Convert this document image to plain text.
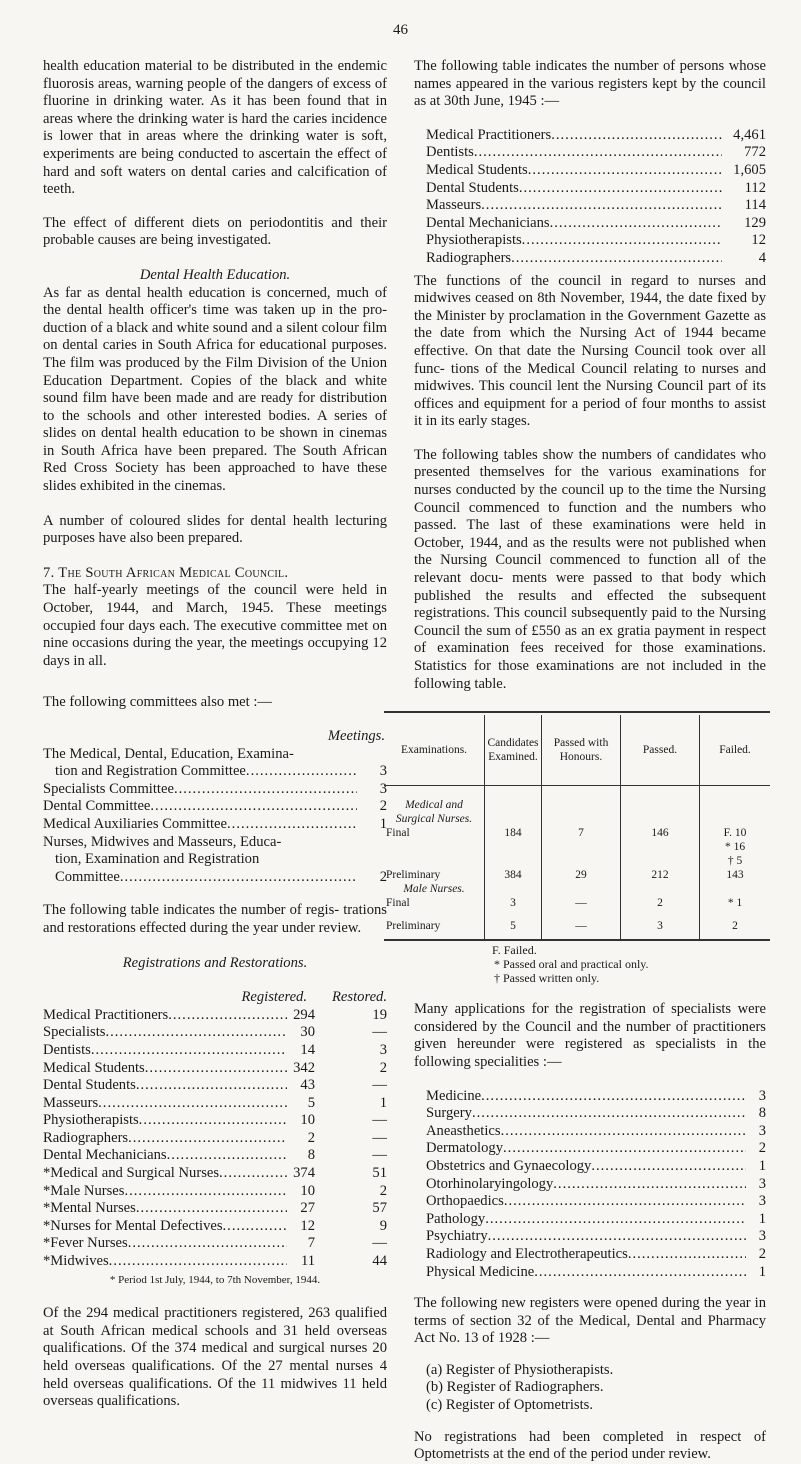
46

health education material to be distributed in the endemic fluorosis areas, warning people of the dangers of excess of fluorine in drinking water. As it has been found that in areas where the drinking water is hard the caries incidence is lower that in areas where the drinking water is soft, experiments are being conducted to ascertain the effect of hard and soft waters on dental caries and calcification of teeth.

The effect of different diets on periodontitis and their probable causes are being investigated.

Dental Health Education.

As far as dental health education is concerned, much of the dental health officer's time was taken up in the pro- duction of a black and white sound and a silent colour film on dental caries in South Africa for educational purposes. The film was produced by the Film Division of the Union Education Department. Copies of the black and white sound film have been made and are ready for distribution to the schools and other interested bodies. A series of slides on dental health education to be shown in cinemas in South Africa have been prepared. The South African Red Cross Society has been approached to have these slides exhibited in the cinemas.

A number of coloured slides for dental health lecturing purposes have also been prepared.

7. The South African Medical Council.

The half-yearly meetings of the council were held in October, 1944, and March, 1945. These meetings occupied four days each. The executive committee met on nine occasions during the year, the meetings occupying 12 days in all.

The following committees also met :—

Meetings.
The Medical, Dental, Education, Examina-
tion and Registration Committee .....	3
Specialists Committee .....	3
Dental Committee .....	2
Medical Auxiliaries Committee .....	1
Nurses, Midwives and Masseurs, Educa-
tion, Examination and Registration
Committee .....	2

The following table indicates the number of regis- trations and restorations effected during the year under review.

Registrations and Restorations.
Registered.	Restored.
Medical Practitioners .....	294	19
Specialists .....	30	—
Dentists .....	14	3
Medical Students .....	342	2
Dental Students .....	43	—
Masseurs .....	5	1
Physiotherapists .....	10	—
Radiographers .....	2	—
Dental Mechanicians .....	8	—
*Medical and Surgical Nurses .....	374	51
*Male Nurses .....	10	2
*Mental Nurses .....	27	57
*Nurses for Mental Defectives .....	12	9
*Fever Nurses .....	7	—
*Midwives .....	11	44
* Period 1st July, 1944, to 7th November, 1944.

Of the 294 medical practitioners registered, 263 qualified at South African medical schools and 31 held overseas qualifications. Of the 374 medical and surgical nurses 20 held overseas qualifications. Of the 27 mental nurses 4 held overseas qualifications. Of the 11 midwives 11 held overseas qualifications.

The following table indicates the number of persons whose names appeared in the various registers kept by the council as at 30th June, 1945 :—

Medical Practitioners .....	4,461
Dentists .....	772
Medical Students .....	1,605
Dental Students .....	112
Masseurs .....	114
Dental Mechanicians .....	129
Physiotherapists .....	12
Radiographers .....	4

The functions of the council in regard to nurses and midwives ceased on 8th November, 1944, the date fixed by the Minister by proclamation in the Government Gazette as the date from which the Nursing Act of 1944 became effective. On that date the Nursing Council took over all func- tions of the Medical Council relating to nurses and midwives. This council lent the Nursing Council part of its offices and equipment for a period of four months to assist it in its early stages.

The following tables show the numbers of candidates who presented themselves for the various examinations for nurses conducted by the council up to the time the Nursing Council commenced to function and the numbers who passed. The last of these examinations were held in October, 1944, and as the results were not published when the Nursing Council commenced to function all of the relevant docu- ments were passed to that body which published the results and effected the subsequent registrations. This council subsequently paid to the Nursing Council the sum of £550 as an ex gratia payment in respect of examination fees received for those examinations. Statistics for those examinations are not included in the following table.

Examinations.	Candidates Examined.	Passed with Honours.	Passed.	Failed.
Medical and Surgical Nurses.				
Final	184	7	146	F. 10
* 16
† 5

Preliminary	384	29	212	143
Male Nurses.				
Final	3	—	2	* 1
Preliminary	5	—	3	2
F. Failed.
* Passed oral and practical only.
† Passed written only.

Many applications for the registration of specialists were considered by the Council and the number of practitioners given hereunder were registered as specialists in the following specialities :—

Medicine .....	3
Surgery .....	8
Aneasthetics .....	3
Dermatology .....	2
Obstetrics and Gynaecology .....	1
Otorhinolaryingology .....	3
Orthopaedics .....	3
Pathology .....	1
Psychiatry .....	3
Radiology and Electrotherapeutics .....	2
Physical Medicine .....	1

The following new registers were opened during the year in terms of section 32 of the Medical, Dental and Pharmacy Act No. 13 of 1928 :—

(a) Register of Physiotherapists.
(b) Register of Radiographers.
(c) Register of Optometrists.

No registrations had been completed in respect of Optometrists at the end of the period under review.
